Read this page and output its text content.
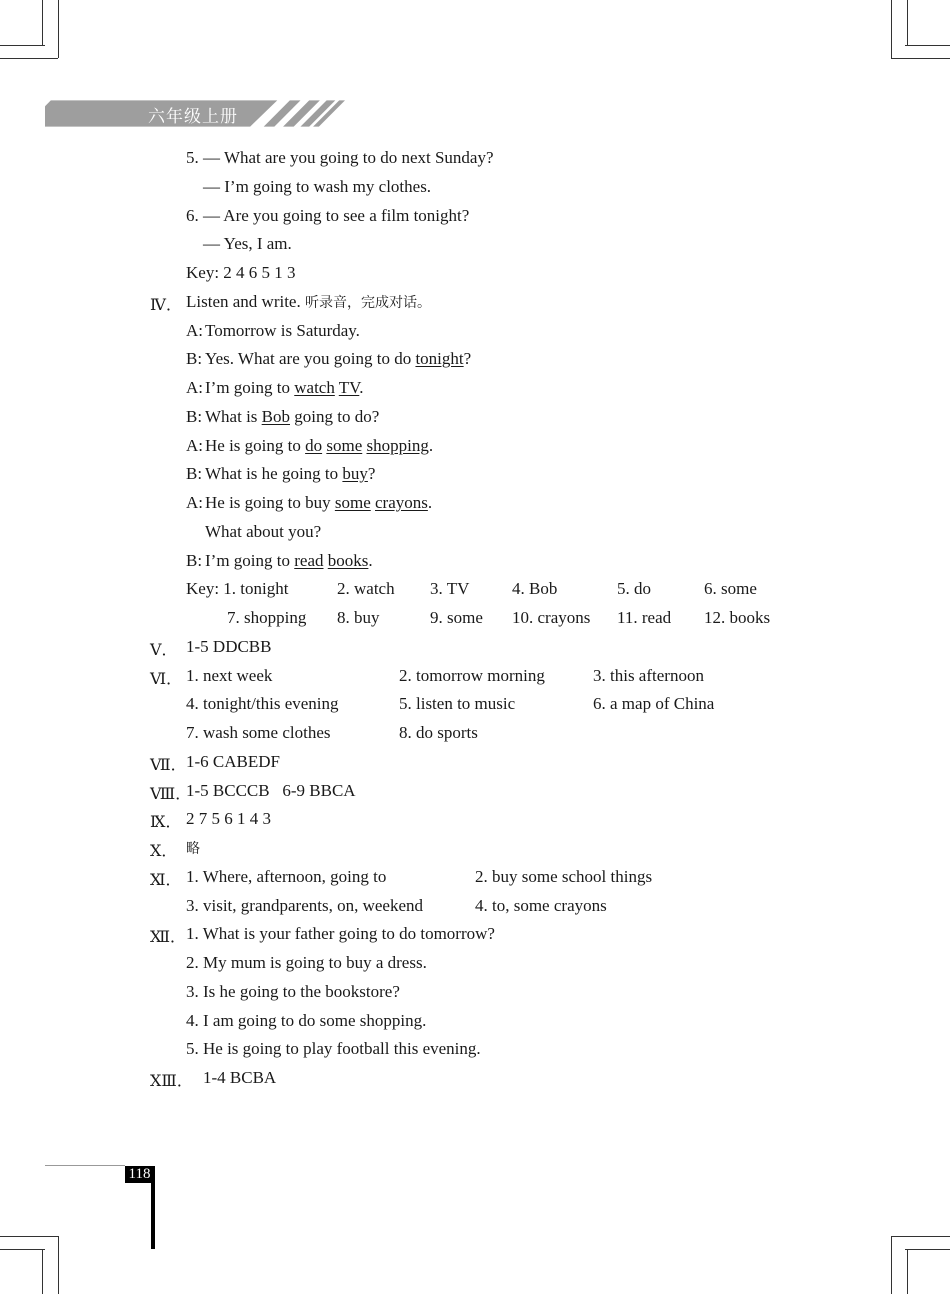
六年级上册
5. — What are you going to do next Sunday?
— I’m going to wash my clothes.
6. — Are you going to see a film tonight?
— Yes, I am.
Key: 2 4 6 5 1 3
Ⅳ． Listen and write. 听录音，完成对话。
A: Tomorrow is Saturday.
B: Yes. What are you going to do tonight?
A: I’m going to watch TV.
B: What is Bob going to do?
A: He is going to do some shopping.
B: What is he going to buy?
A: He is going to buy some crayons.
What about you?
B: I’m going to read books.
Key: 1. tonight	2. watch 3. TV	4. Bob	5. do	6. some
7. shopping 8. buy	9. some 10. crayons 11. read 12. books
Ⅴ． 1-5 DDCBB
Ⅵ． 1. next week	2. tomorrow morning	3. this afternoon
4. tonight/this evening	5. listen to music	6. a map of China
7. wash some clothes	8. do sports
Ⅶ． 1-6 CABEDF
Ⅷ．
1-5 BCCCB   6-9 BBCA
Ⅸ． 2 7 5 6 1 4 3
Ⅹ． 略
Ⅺ． 1. Where, afternoon, going to	2. buy some school things
3. visit, grandparents, on, weekend	4. to, some crayons
Ⅻ． 1. What is your father going to do tomorrow?
2. My mum is going to buy a dress.
3. Is he going to the bookstore?
4. I am going to do some shopping.
5. He is going to play football this evening.
ⅩⅢ． 1-4 BCBA
118
